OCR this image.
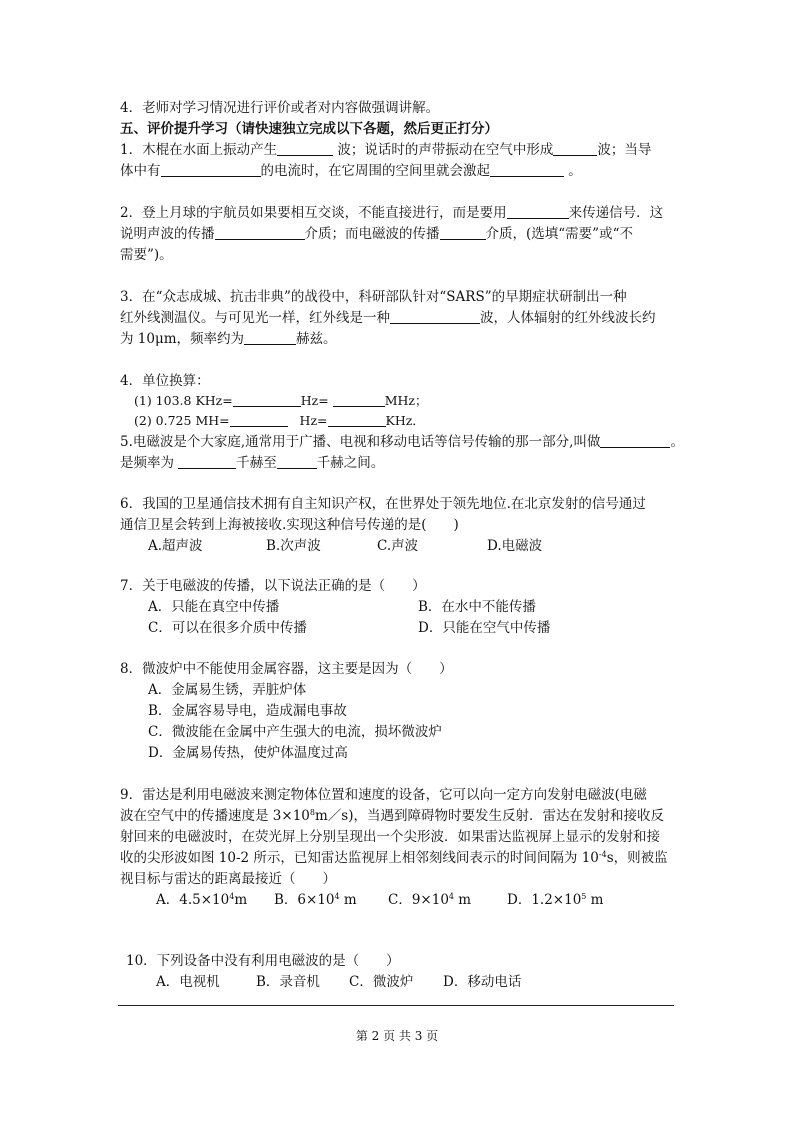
4．老师对学习情况进行评价或者对内容做强调讲解。
五、评价提升学习（请快速独立完成以下各题，然后更正打分）
1．木棍在水面上振动产生	波；说话时的声带振动在空气中形成	波；当导
体中有	的电流时，在它周围的空间里就会激起	。
2．登上月球的宇航员如果要相互交谈，不能直接进行，而是要用	来传递信号．这
说明声波的传播	介质；而电磁波的传播	介质，(选填“需要”或“不
需要”)。
3．在“众志成城、抗击非典”的战役中，科研部队针对“SARS”的早期症状研制出一种
红外线测温仪。与可见光一样，红外线是一种	波，人体辐射的红外线波长约
为 10μm，频率约为	赫兹。
4．单位换算：
(1) 103.8 KHz=	Hz=	MHz；
(2) 0.725 MH=	Hz=	KHz．
5.电磁波是个大家庭,通常用于广播、电视和移动电话等信号传输的那一部分,叫做	。
是频率为	千赫至	千赫之间。
6．我国的卫星通信技术拥有自主知识产权，在世界处于领先地位.在北京发射的信号通过
通信卫星会转到上海被接收.实现这种信号传递的是(　　)
A.超声波	B.次声波	C.声波	D.电磁波
7．关于电磁波的传播，以下说法正确的是（　　）
A．只能在真空中传播	B．在水中不能传播
C．可以在很多介质中传播	D．只能在空气中传播
8．微波炉中不能使用金属容器，这主要是因为（　　）
A．金属易生锈，弄脏炉体
B．金属容易导电，造成漏电事故
C．微波能在金属中产生强大的电流，损坏微波炉
D．金属易传热，使炉体温度过高
9．雷达是利用电磁波来测定物体位置和速度的设备，它可以向一定方向发射电磁波(电磁
波在空气中的传播速度是 $3\times 10^8m/s$)，当遇到障碍物时要发生反射．雷达在发射和接收反
射回来的电磁波时，在荧光屏上分别呈现出一个尖形波．如果雷达监视屏上显示的发射和接
收的尖形波如图 10-2 所示，已知雷达监视屏上相邻刻线间表示的时间间隔为 $10^{-4}s$，则被监
视目标与雷达的距离最接近（　　）
A．$4.5\times 10^4m$ B．$6\times 10^4$ m C．$9\times 10^4$ m	D．$1.2\times 10^5$ m
10．下列设备中没有利用电磁波的是（　　）
A．电视机	B．录音机 C．微波炉 D．移动电话
第 2 页 共 3 页
